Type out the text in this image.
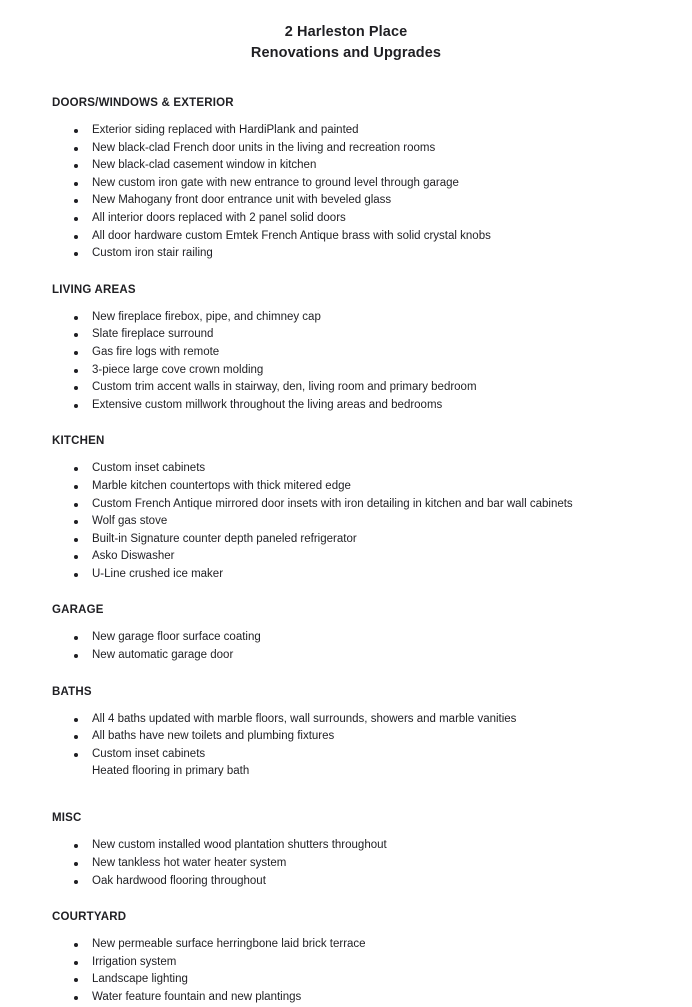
2 Harleston Place
Renovations and Upgrades
DOORS/WINDOWS & EXTERIOR
Exterior siding replaced with HardiPlank and painted
New black-clad French door units in the living and recreation rooms
New black-clad casement window in kitchen
New custom iron gate with new entrance to ground level through garage
New Mahogany front door entrance unit with beveled glass
All interior doors replaced with 2 panel solid doors
All door hardware custom Emtek French Antique brass with solid crystal knobs
Custom iron stair railing
LIVING AREAS
New fireplace firebox, pipe, and chimney cap
Slate fireplace surround
Gas fire logs with remote
3-piece large cove crown molding
Custom trim accent walls in stairway, den, living room and primary bedroom
Extensive custom millwork throughout the living areas and bedrooms
KITCHEN
Custom inset cabinets
Marble kitchen countertops with thick mitered edge
Custom French Antique mirrored door insets with iron detailing in kitchen and bar wall cabinets
Wolf gas stove
Built-in Signature counter depth paneled refrigerator
Asko Diswasher
U-Line crushed ice maker
GARAGE
New garage floor surface coating
New automatic garage door
BATHS
All 4 baths updated with marble floors, wall surrounds, showers and marble vanities
All baths have new toilets and plumbing fixtures
Custom inset cabinets
Heated flooring in primary bath
MISC
New custom installed wood plantation shutters throughout
New tankless hot water heater system
Oak hardwood flooring throughout
COURTYARD
New permeable surface herringbone laid brick terrace
Irrigation system
Landscape lighting
Water feature fountain and new plantings
